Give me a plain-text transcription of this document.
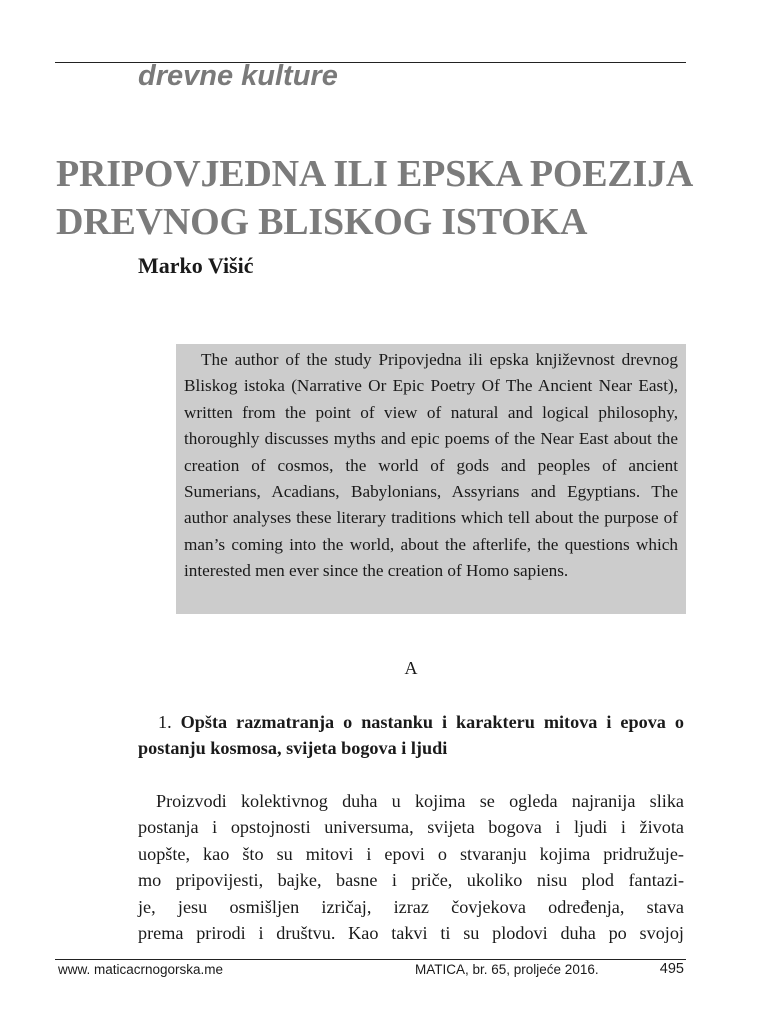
drevne kulture
PRIPOVJEDNA ILI EPSKA POEZIJA
DREVNOG BLISKOG ISTOKA

Marko Višić

The author of the study Pripovjedna ili epska književnost drevnog Bliskog istoka (Narrative Or Epic Poetry Of The Ancient Near East), written from the point of view of natural and logical philosophy, thoroughly discusses myths and epic poems of the Near East about the creation of cosmos, the world of gods and peoples of ancient Sumerians, Acadians, Babylonians, Assyrians and Egyptians. The author analyses these literary traditions which tell about the purpose of man’s coming into the world, about the afterlife, the questions which interested men ever since the creation of Homo sapiens.

A

1. Opšta razmatranja o nastanku i karakteru mitova i epova o postanju kosmosa, svijeta bogova i ljudi

Proizvodi kolektivnog duha u kojima se ogleda najranija slika
postanja i opstojnosti universuma, svijeta bogova i ljudi i života
uopšte, kao što su mitovi i epovi o stvaranju kojima pridružuje-
mo pripovijesti, bajke, basne i priče, ukoliko nisu plod fantazi-
je, jesu osmišljen izričaj, izraz čovjekova određenja, stava
prema prirodi i društvu. Kao takvi ti su plodovi duha po svojoj

www. maticacrnogorska.me	MATICA, br. 65, proljeće 2016.	495
